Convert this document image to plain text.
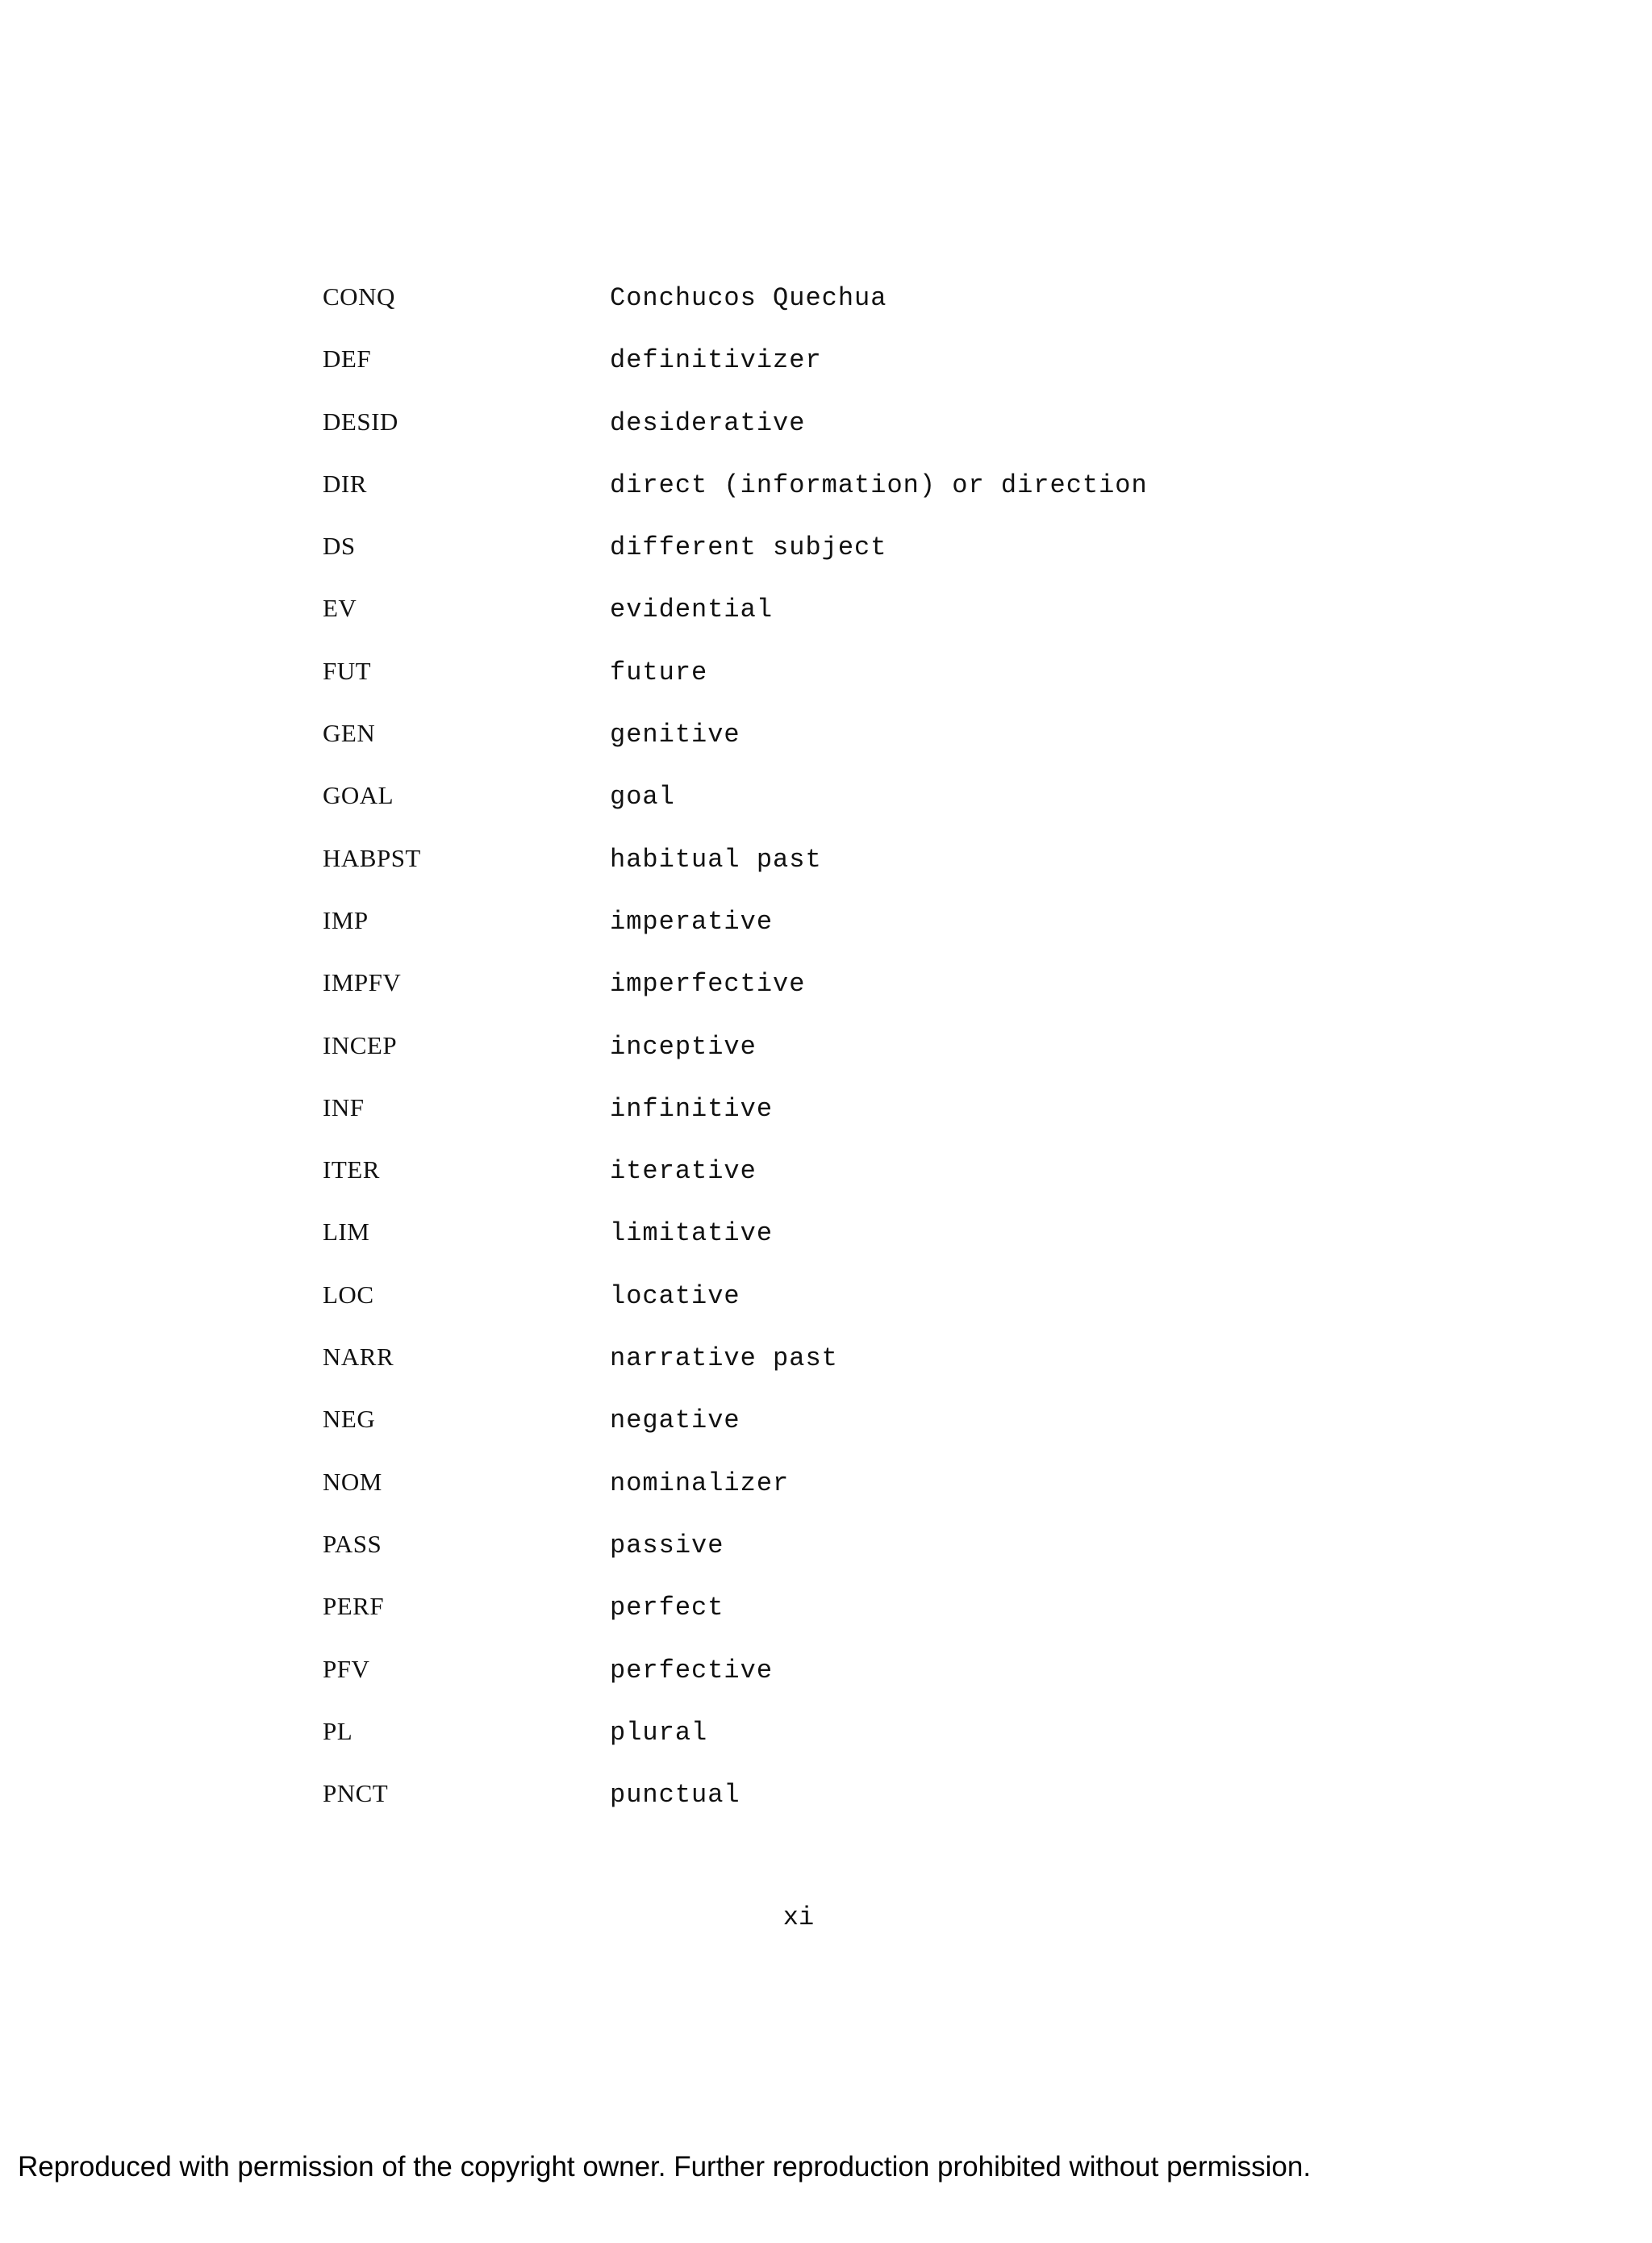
CONQ	Conchucos Quechua
DEF	definitivizer
DESID	desiderative
DIR	direct (information) or direction
DS	different subject
EV	evidential
FUT	future
GEN	genitive
GOAL	goal
HABPST	habitual past
IMP	imperative
IMPFV	imperfective
INCEP	inceptive
INF	infinitive
ITER	iterative
LIM	limitative
LOC	locative
NARR	narrative past
NEG	negative
NOM	nominalizer
PASS	passive
PERF	perfect
PFV	perfective
PL	plural
PNCT	punctual
xi
Reproduced with permission of the copyright owner. Further reproduction prohibited without permission.
